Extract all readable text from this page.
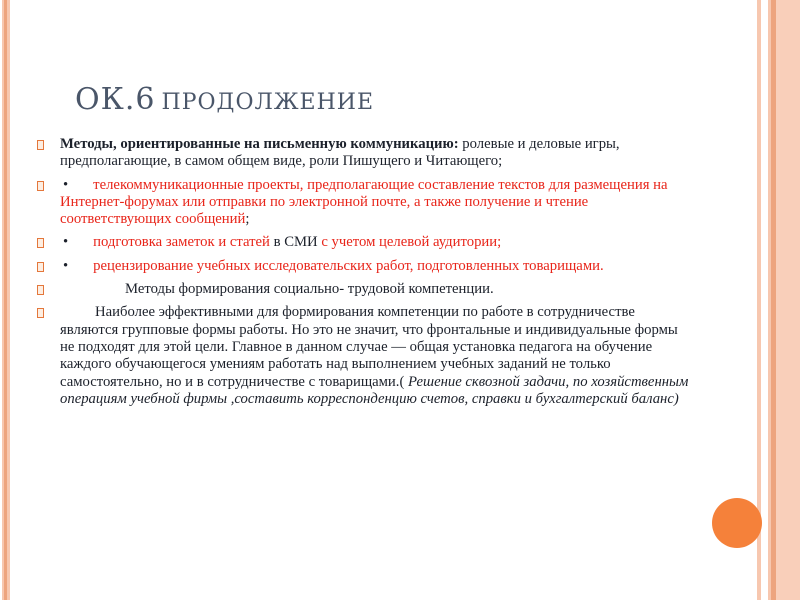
ОК.6 ПРОДОЛЖЕНИЕ
Методы, ориентированные на письменную коммуникацию: ролевые и деловые игры, предполагающие, в самом общем виде, роли Пишущего и Читающего;
• телекоммуникационные проекты, предполагающие составление текстов для размещения на Интернет-форумах или отправки по электронной почте, а также получение и чтение соответствующих сообщений;
• подготовка заметок и статей в СМИ с учетом целевой аудитории;
• рецензирование учебных исследовательских работ, подготовленных товарищами.
Методы формирования социально- трудовой компетенции.
Наиболее эффективными для формирования компетенции по работе в сотрудничестве являются групповые формы работы. Но это не значит, что фронтальные и индивидуальные формы не подходят для этой цели. Главное в данном случае — общая установка педагога на обучение каждого обучающегося умениям работать над выполнением учебных заданий не только самостоятельно, но и в сотрудничестве с товарищами.( Решение сквозной задачи, по хозяйственным операциям учебной фирмы ,составить корреспонденцию счетов, справки и бухгалтерский баланс)
